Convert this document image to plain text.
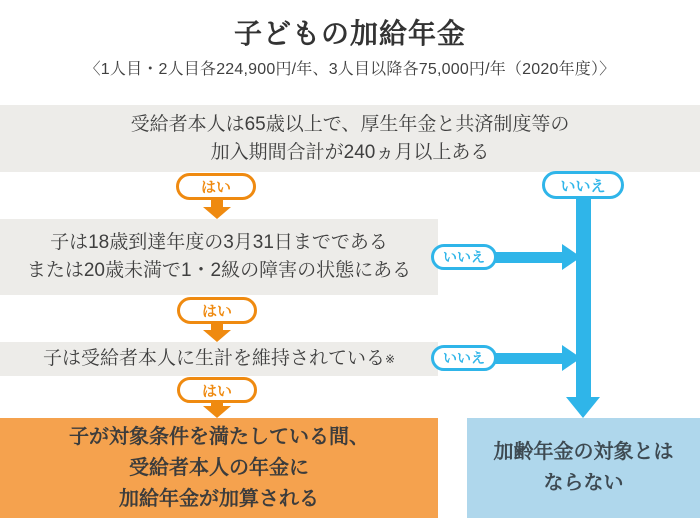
子どもの加給年金
〈1人目・2人目各224,900円/年、3人目以降各75,000円/年（2020年度）〉
受給者本人は65歳以上で、厚生年金と共済制度等の
加入期間合計が240ヵ月以上ある
はい	いいえ
はい
いいえ
はい
いいえ
子は18歳到達年度の3月31日までである
または20歳未満で1・2級の障害の状態にある
子は受給者本人に生計を維持されている ※
子が対象条件を満たしている間、
受給者本人の年金に
加給年金が加算される
加齢年金の対象とは
ならない
